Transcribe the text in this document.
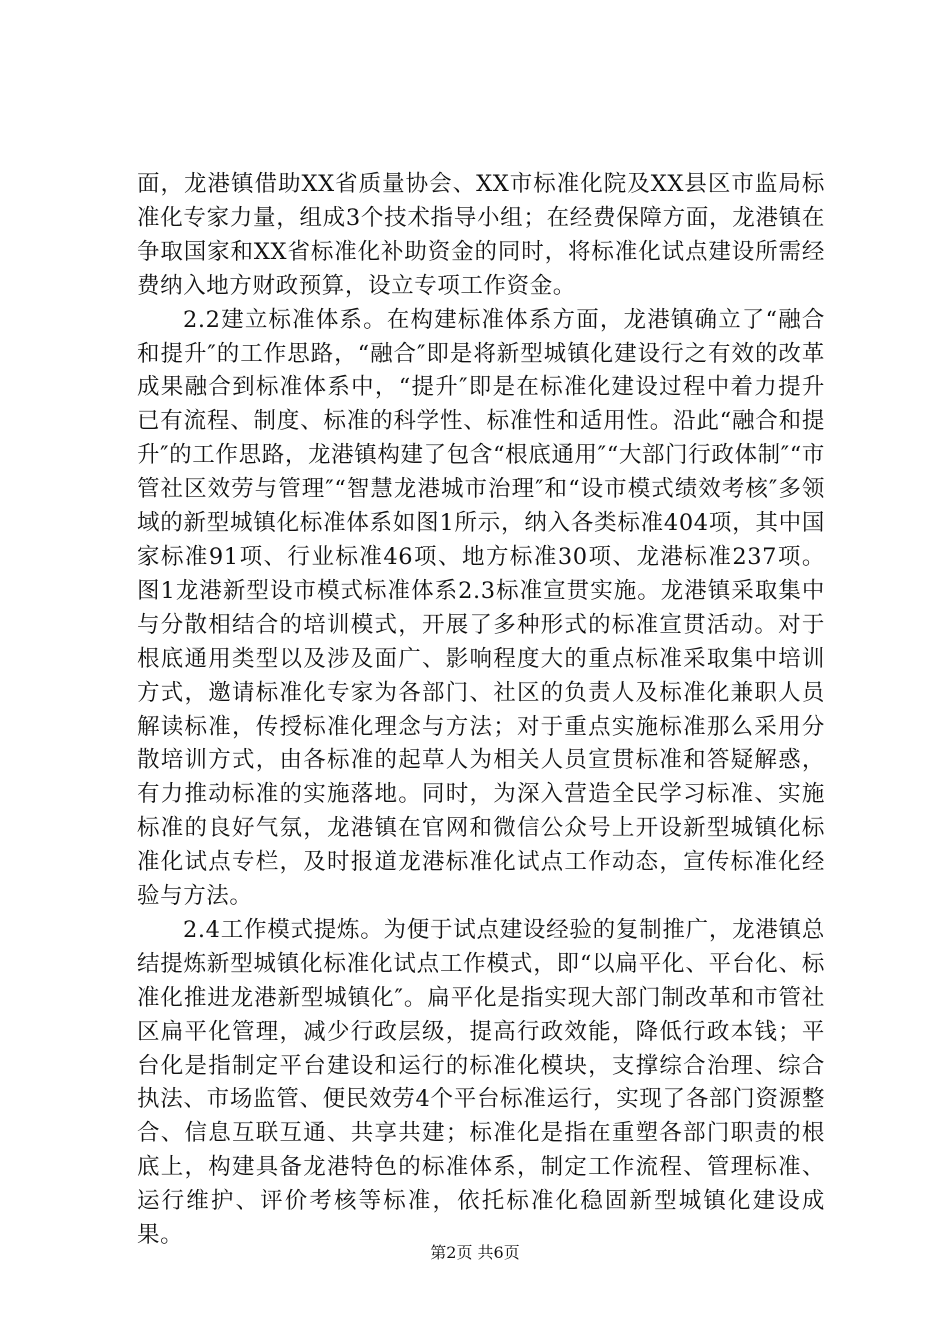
面，龙港镇借助XX省质量协会、XX市标准化院及XX县区市监局标准化专家力量，组成3个技术指导小组；在经费保障方面，龙港镇在争取国家和XX省标准化补助资金的同时，将标准化试点建设所需经费纳入地方财政预算，设立专项工作资金。

2.2建立标准体系。在构建标准体系方面，龙港镇确立了“融合和提升″的工作思路，“融合″即是将新型城镇化建设行之有效的改革成果融合到标准体系中，“提升″即是在标准化建设过程中着力提升已有流程、制度、标准的科学性、标准性和适用性。沿此“融合和提升″的工作思路，龙港镇构建了包含“根底通用″“大部门行政体制″“市管社区效劳与管理″“智慧龙港城市治理″和“设市模式绩效考核″多领域的新型城镇化标准体系如图1所示，纳入各类标准404项，其中国家标准91项、行业标准46项、地方标准30项、龙港标准237项。图1龙港新型设市模式标准体系2.3标准宣贯实施。龙港镇采取集中与分散相结合的培训模式，开展了多种形式的标准宣贯活动。对于根底通用类型以及涉及面广、影响程度大的重点标准采取集中培训方式，邀请标准化专家为各部门、社区的负责人及标准化兼职人员解读标准，传授标准化理念与方法；对于重点实施标准那么采用分散培训方式，由各标准的起草人为相关人员宣贯标准和答疑解惑，有力推动标准的实施落地。同时，为深入营造全民学习标准、实施标准的良好气氛，龙港镇在官网和微信公众号上开设新型城镇化标准化试点专栏，及时报道龙港标准化试点工作动态，宣传标准化经验与方法。

2.4工作模式提炼。为便于试点建设经验的复制推广，龙港镇总结提炼新型城镇化标准化试点工作模式，即“以扁平化、平台化、标准化推进龙港新型城镇化″。扁平化是指实现大部门制改革和市管社区扁平化管理，减少行政层级，提高行政效能，降低行政本钱；平台化是指制定平台建设和运行的标准化模块，支撑综合治理、综合执法、市场监管、便民效劳4个平台标准运行，实现了各部门资源整合、信息互联互通、共享共建；标准化是指在重塑各部门职责的根底上，构建具备龙港特色的标准体系，制定工作流程、管理标准、运行维护、评价考核等标准，依托标准化稳固新型城镇化建设成果。

第2页 共6页
